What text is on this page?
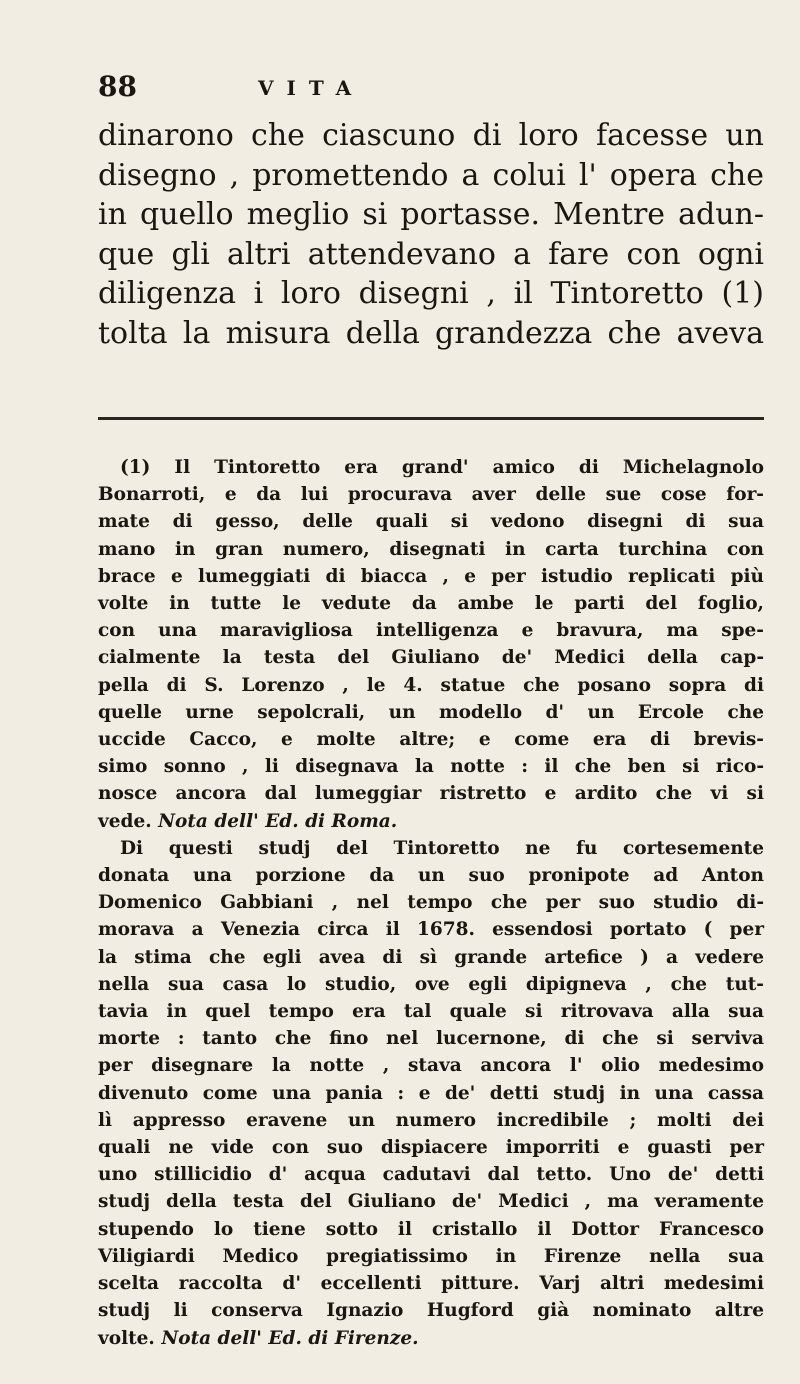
88	VITA

dinarono che ciascuno di loro facesse un
disegno , promettendo a colui l' opera che
in quello meglio si portasse. Mentre adun-
que gli altri attendevano a fare con ogni
diligenza i loro disegni , il Tintoretto (1)
tolta la misura della grandezza che aveva

(1) Il Tintoretto era grand' amico di Michelagnolo
Bonarroti, e da lui procurava aver delle sue cose for-
mate di gesso, delle quali si vedono disegni di sua
mano in gran numero, disegnati in carta turchina con
brace e lumeggiati di biacca , e per istudio replicati più
volte in tutte le vedute da ambe le parti del foglio,
con una maravigliosa intelligenza e bravura, ma spe-
cialmente la testa del Giuliano de' Medici della cap-
pella di S. Lorenzo , le 4. statue che posano sopra di
quelle urne sepolcrali, un modello d' un Ercole che
uccide Cacco, e molte altre; e come era di brevis-
simo sonno , li disegnava la notte : il che ben si rico-
nosce ancora dal lumeggiar ristretto e ardito che vi si
vede. Nota dell' Ed. di Roma.
Di questi studj del Tintoretto ne fu cortesemente
donata una porzione da un suo pronipote ad Anton
Domenico Gabbiani , nel tempo che per suo studio di-
morava a Venezia circa il 1678. essendosi portato ( per
la stima che egli avea di sì grande artefice ) a vedere
nella sua casa lo studio, ove egli dipigneva , che tut-
tavia in quel tempo era tal quale si ritrovava alla sua
morte : tanto che fino nel lucernone, di che si serviva
per disegnare la notte , stava ancora l' olio medesimo
divenuto come una pania : e de' detti studj in una cassa
lì appresso eravene un numero incredibile ; molti dei
quali ne vide con suo dispiacere imporriti e guasti per
uno stillicidio d' acqua cadutavi dal tetto. Uno de' detti
studj della testa del Giuliano de' Medici , ma veramente
stupendo lo tiene sotto il cristallo il Dottor Francesco
Viligiardi Medico pregiatissimo in Firenze nella sua
scelta raccolta d' eccellenti pitture. Varj altri medesimi
studj li conserva Ignazio Hugford già nominato altre
volte. Nota dell' Ed. di Firenze.
